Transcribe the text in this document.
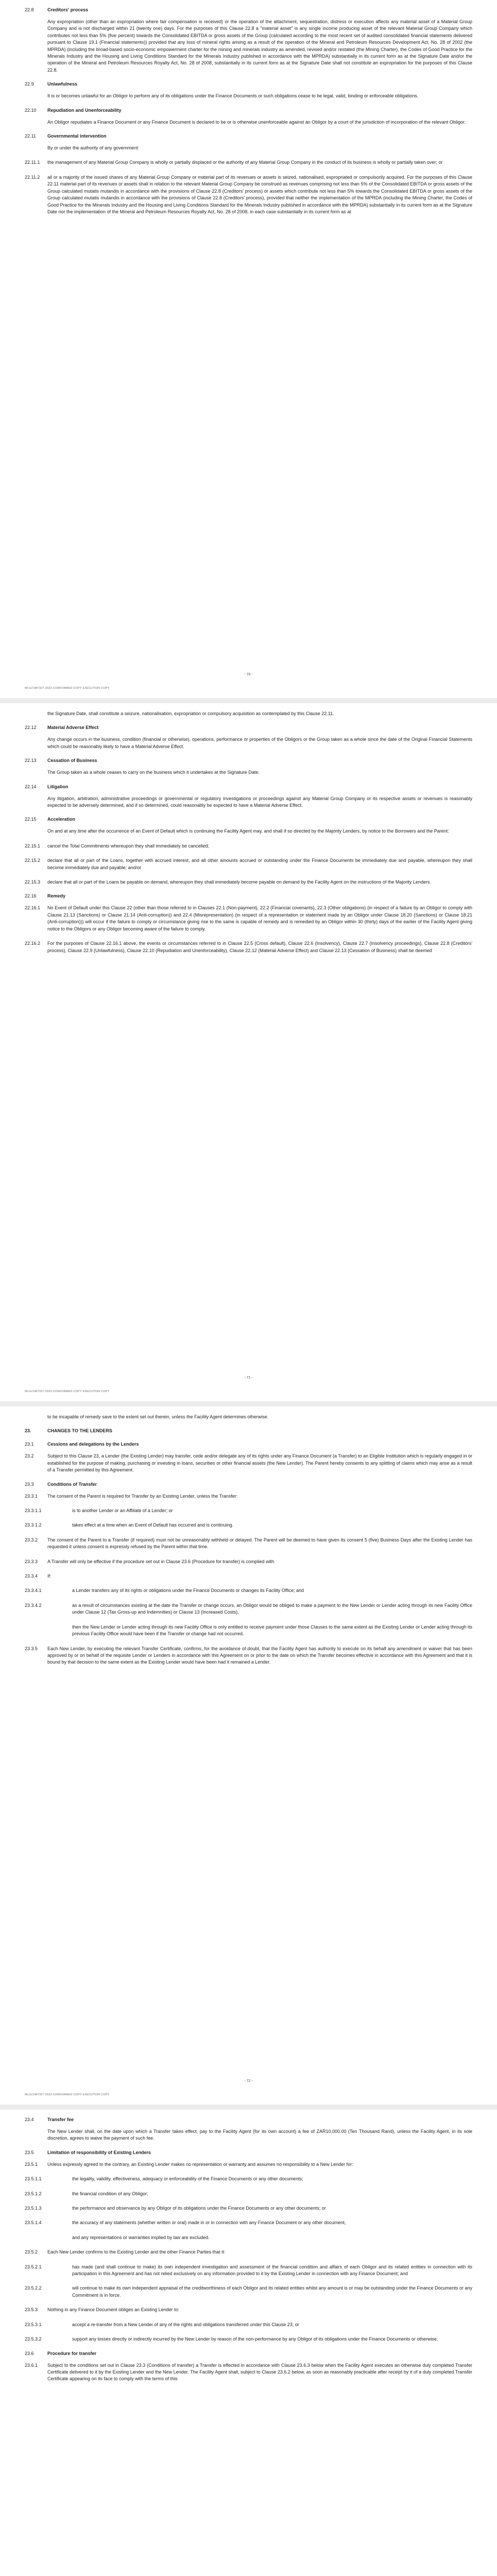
22.8	Creditors' process
Any expropriation (other than an expropriation where fair compensation is received) or the operation of the attachment, sequestration, distress or execution affects any material asset of a Material Group Company and is not discharged within 21 (twenty one) days. For the purposes of this Clause 22.8 a "material asset" is any single income producing asset of the relevant Material Group Company which contributes not less than 5% (five percent) towards the Consolidated EBITDA or gross assets of the Group (calculated according to the most recent set of audited consolidated financial statements delivered pursuant to Clause 19.1 (Financial statements)) provided that any loss of mineral rights arising as a result of the operation of the Mineral and Petroleum Resources Development Act, No. 28 of 2002 (the MPRDA) (including the broad-based socio-economic empowerment charter for the mining and minerals industry as amended, revised and/or restated (the Mining Charter), the Codes of Good Practice for the Minerals Industry and the Housing and Living Conditions Standard for the Minerals Industry published in accordance with the MPRDA) substantially in its current form as at the Signature Date and/or the operation of the Mineral and Petroleum Resources Royalty Act, No. 28 of 2008, substantially in its current form as at the Signature Date shall not constitute an expropriation for the purposes of this Clause 22.8.
22.9	Unlawfulness
It is or becomes unlawful for an Obligor to perform any of its obligations under the Finance Documents or such obligations cease to be legal, valid, binding or enforceable obligations.
22.10	Repudiation and Unenforceability
An Obligor repudiates a Finance Document or any Finance Document is declared to be or is otherwise unenforceable against an Obligor by a court of the jurisdiction of incorporation of the relevant Obligor.
22.11	Governmental intervention
By or under the authority of any government:
22.11.1	the management of any Material Group Company is wholly or partially displaced or the authority of any Material Group Company in the conduct of its business is wholly or partially taken over; or
22.11.2	all or a majority of the issued shares of any Material Group Company or material part of its revenues or assets is seized, nationalised, expropriated or compulsorily acquired. For the purposes of this Clause 22.11 material part of its revenues or assets shall in relation to the relevant Material Group Company be construed as revenues comprising not less than 5% of the Consolidated EBITDA or gross assets of the Group calculated mutatis mutandis in accordance with the provisions of Clause 22.8 (Creditors' process) or assets which contribute not less than 5% towards the Consolidated EBITDA or gross assets of the Group calculated mutatis mutandis in accordance with the provisions of Clause 22.8 (Creditors' process), provided that neither the implementation of the MPRDA (including the Mining Charter, the Codes of Good Practice for the Minerals Industry and the Housing and Living Conditions Standard for the Minerals Industry published in accordance with the MPRDA) substantially in its current form as at the Signature Date nor the implementation of the Mineral and Petroleum Resources Royalty Act, No. 28 of 2008, in each case substantially in its current form as at
- 70 -
WLG/1487327-2022-CONFORMED COPY EXECUTION COPY
the Signature Date, shall constitute a seizure, nationalisation, expropriation or compulsory acquisition as contemplated by this Clause 22.11.
22.12	Material Adverse Effect
Any change occurs in the business, condition (financial or otherwise), operations, performance or properties of the Obligors or the Group taken as a whole since the date of the Original Financial Statements which could be reasonably likely to have a Material Adverse Effect.
22.13	Cessation of Business
The Group taken as a whole ceases to carry on the business which it undertakes at the Signature Date.
22.14	Litigation
Any litigation, arbitration, administrative proceedings or governmental or regulatory investigations or proceedings against any Material Group Company or its respective assets or revenues is reasonably expected to be adversely determined, and if so determined, could reasonably be expected to have a Material Adverse Effect.
22.15	Acceleration
On and at any time after the occurrence of an Event of Default which is continuing the Facility Agent may, and shall if so directed by the Majority Lenders, by notice to the Borrowers and the Parent:
22.15.1	cancel the Total Commitments whereupon they shall immediately be cancelled;
22.15.2	declare that all or part of the Loans, together with accrued interest, and all other amounts accrued or outstanding under the Finance Documents be immediately due and payable, whereupon they shall become immediately due and payable; and/or
22.15.3	declare that all or part of the Loans be payable on demand, whereupon they shall immediately become payable on demand by the Facility Agent on the instructions of the Majority Lenders.
22.16	Remedy
22.16.1	No Event of Default under this Clause 22 (other than those referred to in Clauses 22.1 (Non-payment), 22.2 (Financial covenants), 22.3 (Other obligations) (in respect of a failure by an Obligor to comply with Clause 21.13 (Sanctions) or Clause 21.14 (Anti-corruption)) and 22.4 (Misrepresentation) (in respect of a representation or statement made by an Obligor under Clause 18.20 (Sanctions) or Clause 18.21 (Anti-corruption))) will occur if the failure to comply or circumstance giving rise to the same is capable of remedy and is remedied by an Obligor within 30 (thirty) days of the earlier of the Facility Agent giving notice to the Obligors or any Obligor becoming aware of the failure to comply.
22.16.2	For the purposes of Clause 22.16.1 above, the events or circumstances referred to in Clause 22.5 (Cross default), Clause 22.6 (Insolvency), Clause 22.7 (Insolvency proceedings), Clause 22.8 (Creditors' process), Clause 22.9 (Unlawfulness), Clause 22.10 (Repudiation and Unenforceability), Clause 22.12 (Material Adverse Effect) and Clause 22.13 (Cessation of Business) shall be deemed
- 71 -
WLG/1487327-2022-CONFORMED COPY EXECUTION COPY
to be incapable of remedy save to the extent set out therein, unless the Facility Agent determines otherwise.
23.	CHANGES TO THE LENDERS
23.1	Cessions and delegations by the Lenders
23.2	Subject to this Clause 23, a Lender (the Existing Lender) may transfer, cede and/or delegate any of its rights under any Finance Document (a Transfer) to an Eligible Institution which is regularly engaged in or established for the purpose of making, purchasing or investing in loans, securities or other financial assets (the New Lender). The Parent hereby consents to any splitting of claims which may arise as a result of a Transfer permitted by this Agreement.
23.3	Conditions of Transfer
23.3.1	The consent of the Parent is required for Transfer by an Existing Lender, unless the Transfer:
23.3.1.1	is to another Lender or an Affiliate of a Lender; or
23.3.1.2	takes effect at a time when an Event of Default has occurred and is continuing.
23.3.2	The consent of the Parent to a Transfer (if required) must not be unreasonably withheld or delayed. The Parent will be deemed to have given its consent 5 (five) Business Days after the Existing Lender has requested it unless consent is expressly refused by the Parent within that time.
23.3.3	A Transfer will only be effective if the procedure set out in Clause 23.6 (Procedure for transfer) is complied with.
23.3.4	If:
23.3.4.1	a Lender transfers any of its rights or obligations under the Finance Documents or changes its Facility Office; and
23.3.4.2	as a result of circumstances existing at the date the Transfer or change occurs, an Obligor would be obliged to make a payment to the New Lender or Lender acting through its new Facility Office under Clause 12 (Tax Gross-up and Indemnities) or Clause 13 (Increased Costs),
then the New Lender or Lender acting through its new Facility Office is only entitled to receive payment under those Clauses to the same extent as the Existing Lender or Lender acting through its previous Facility Office would have been if the Transfer or change had not occurred.
23.3.5	Each New Lender, by executing the relevant Transfer Certificate, confirms, for the avoidance of doubt, that the Facility Agent has authority to execute on its behalf any amendment or waiver that has been approved by or on behalf of the requisite Lender or Lenders in accordance with this Agreement on or prior to the date on which the Transfer becomes effective in accordance with this Agreement and that it is bound by that decision to the same extent as the Existing Lender would have been had it remained a Lender.
- 72 -
WLG/1487327-2022-CONFORMED COPY EXECUTION COPY
23.4	Transfer fee
The New Lender shall, on the date upon which a Transfer takes effect, pay to the Facility Agent (for its own account) a fee of ZAR10,000.00 (Ten Thousand Rand), unless the Facility Agent, in its sole discretion, agrees to waive the payment of such fee.
23.5	Limitation of responsibility of Existing Lenders
23.5.1	Unless expressly agreed to the contrary, an Existing Lender makes no representation or warranty and assumes no responsibility to a New Lender for:
23.5.1.1	the legality, validity, effectiveness, adequacy or enforceability of the Finance Documents or any other documents;
23.5.1.2	the financial condition of any Obligor;
23.5.1.3	the performance and observance by any Obligor of its obligations under the Finance Documents or any other documents; or
23.5.1.4	the accuracy of any statements (whether written or oral) made in or in connection with any Finance Document or any other document,
and any representations or warranties implied by law are excluded.
23.5.2	Each New Lender confirms to the Existing Lender and the other Finance Parties that it:
23.5.2.1	has made (and shall continue to make) its own independent investigation and assessment of the financial condition and affairs of each Obligor and its related entities in connection with its participation in this Agreement and has not relied exclusively on any information provided to it by the Existing Lender in connection with any Finance Document; and
23.5.2.2	will continue to make its own independent appraisal of the creditworthiness of each Obligor and its related entities whilst any amount is or may be outstanding under the Finance Documents or any Commitment is in force.
23.5.3	Nothing in any Finance Document obliges an Existing Lender to:
23.5.3.1	accept a re-transfer from a New Lender of any of the rights and obligations transferred under this Clause 23; or
23.5.3.2	support any losses directly or indirectly incurred by the New Lender by reason of the non-performance by any Obligor of its obligations under the Finance Documents or otherwise.
23.6	Procedure for transfer
23.6.1	Subject to the conditions set out in Clause 23.3 (Conditions of transfer) a Transfer is effected in accordance with Clause 23.6.3 below when the Facility Agent executes an otherwise duly completed Transfer Certificate delivered to it by the Existing Lender and the New Lender. The Facility Agent shall, subject to Clause 23.6.2 below, as soon as reasonably practicable after receipt by it of a duly completed Transfer Certificate appearing on its face to comply with the terms of this
